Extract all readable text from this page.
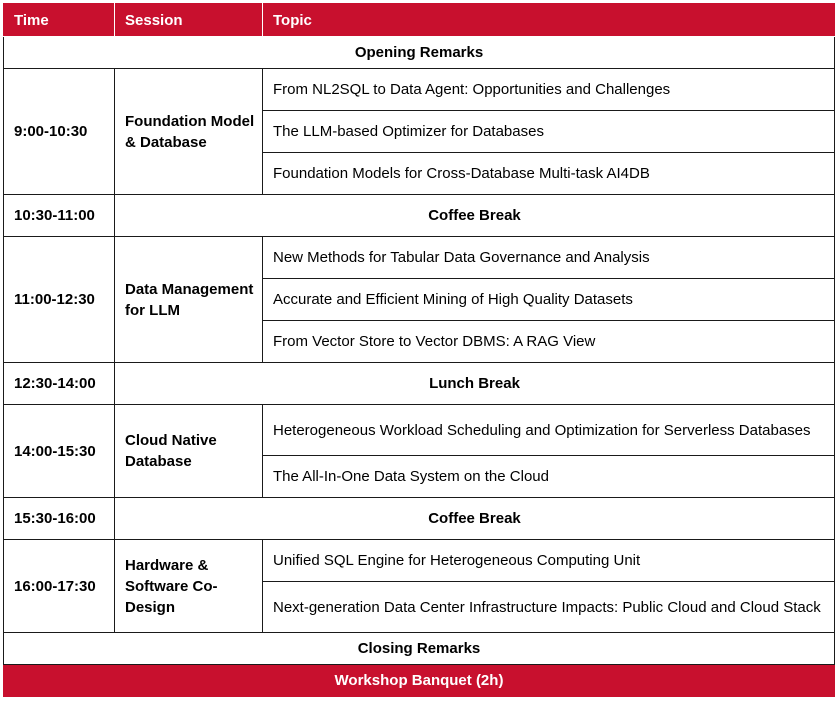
Time	Session	Topic
Opening Remarks		
9:00-10:30	Foundation Model & Database	From NL2SQL to Data Agent: Opportunities and Challenges
		The LLM-based Optimizer for Databases
		Foundation Models for Cross-Database Multi-task AI4DB
10:30-11:00	Coffee Break	
11:00-12:30	Data Management for LLM	New Methods for Tabular Data Governance and Analysis
		Accurate and Efficient Mining of High Quality Datasets
		From Vector Store to Vector DBMS: A RAG View
12:30-14:00	Lunch Break	
14:00-15:30	Cloud Native Database	Heterogeneous Workload Scheduling and Optimization for Serverless Databases
		The All-In-One Data System on the Cloud
15:30-16:00	Coffee Break	
16:00-17:30	Hardware & Software Co-Design	Unified SQL Engine for Heterogeneous Computing Unit
		Next-generation Data Center Infrastructure Impacts: Public Cloud and Cloud Stack
Closing Remarks		
Workshop Banquet (2h)		
